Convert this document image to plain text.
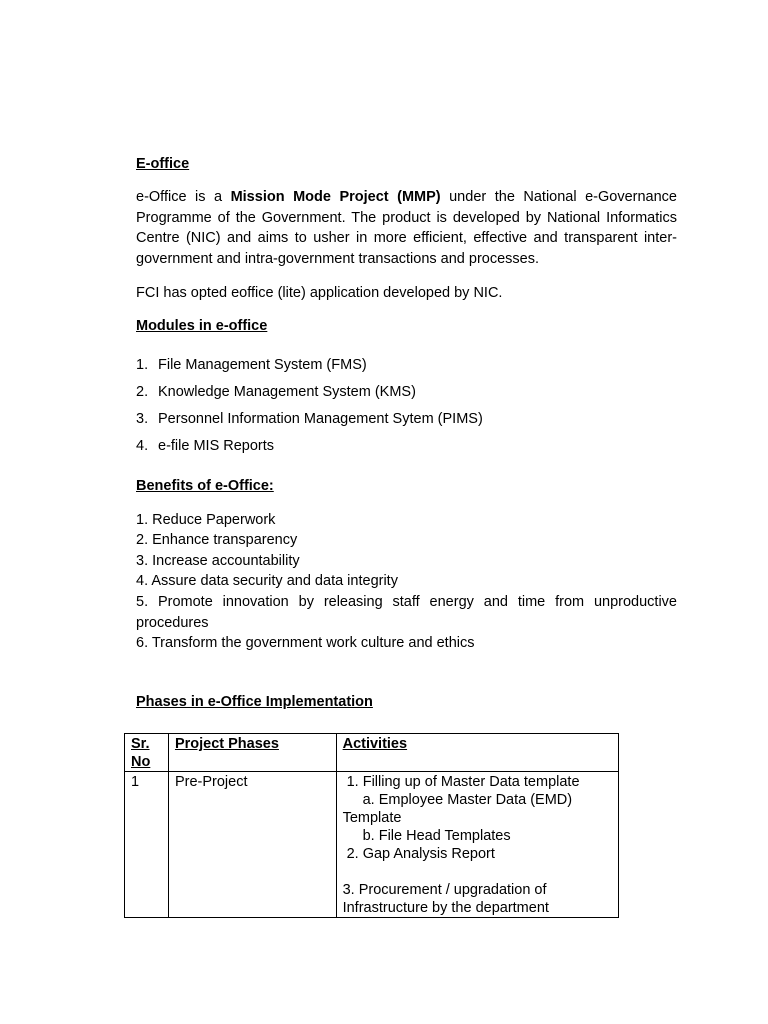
E-office
e-Office is a Mission Mode Project (MMP) under the National e-Governance Programme of the Government. The product is developed by National Informatics Centre (NIC) and aims to usher in more efficient, effective and transparent inter-government and intra-government transactions and processes.
FCI has opted eoffice (lite) application developed by NIC.
Modules in e-office
1. File Management System (FMS)
2. Knowledge Management System (KMS)
3. Personnel Information Management Sytem (PIMS)
4. e-file MIS Reports
Benefits of e-Office:
1. Reduce Paperwork
2. Enhance transparency
3. Increase accountability
4. Assure data security and data integrity
5. Promote innovation by releasing staff energy and time from unproductive procedures
6. Transform the government work culture and ethics
Phases in e-Office Implementation
Sr. No	Project Phases	Activities
1	Pre-Project	1. Filling up of Master Data template
a. Employee Master Data (EMD) Template
b. File Head Templates
2. Gap Analysis Report
3. Procurement / upgradation of Infrastructure by the department
